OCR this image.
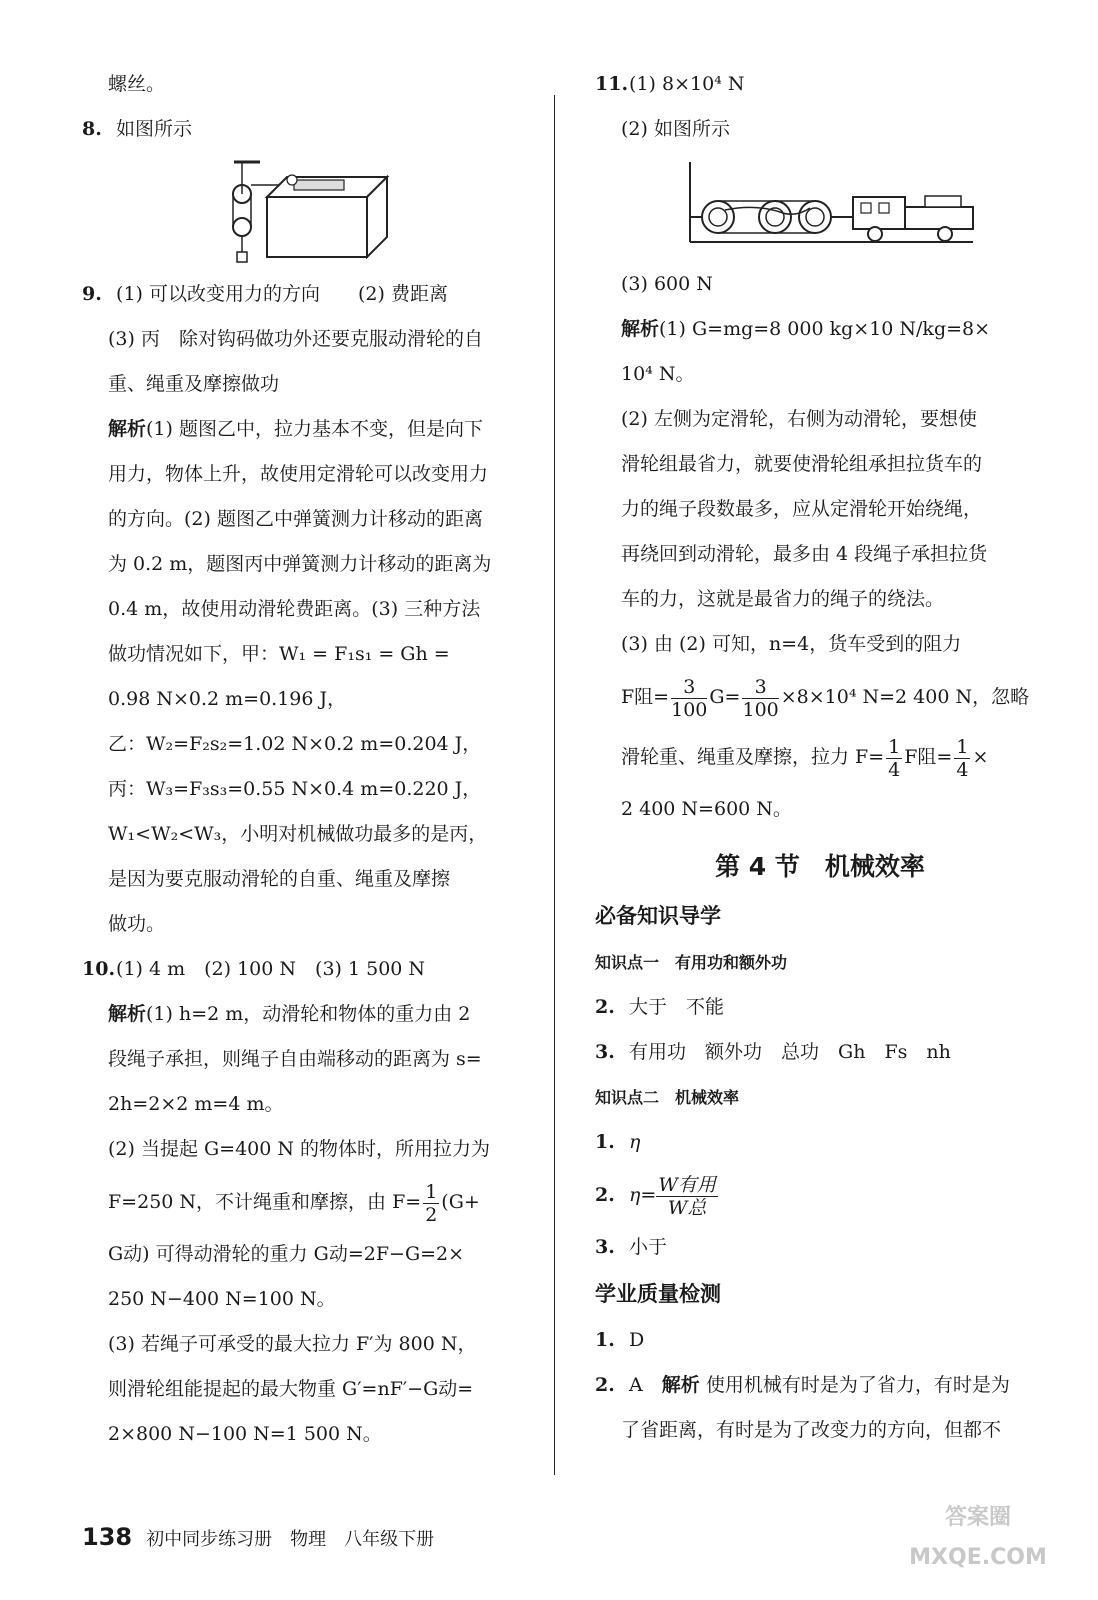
螺丝。
8. 如图所示
9. (1) 可以改变用力的方向　　(2) 费距离
(3) 丙　除对钩码做功外还要克服动滑轮的自
重、绳重及摩擦做功
解析(1) 题图乙中，拉力基本不变，但是向下
用力，物体上升，故使用定滑轮可以改变用力
的方向。(2) 题图乙中弹簧测力计移动的距离
为 0.2 m，题图丙中弹簧测力计移动的距离为
0.4 m，故使用动滑轮费距离。(3) 三种方法
做功情况如下，甲：W₁ = F₁s₁ = Gh =
0.98 N×0.2 m=0.196 J，
乙：W₂=F₂s₂=1.02 N×0.2 m=0.204 J，
丙：W₃=F₃s₃=0.55 N×0.4 m=0.220 J，
W₁<W₂<W₃，小明对机械做功最多的是丙，
是因为要克服动滑轮的自重、绳重及摩擦
做功。
10. (1) 4 m　(2) 100 N　(3) 1 500 N
解析(1) h=2 m，动滑轮和物体的重力由 2
段绳子承担，则绳子自由端移动的距离为 s=
2h=2×2 m=4 m。
(2) 当提起 G=400 N 的物体时，所用拉力为
F=250 N，不计绳重和摩擦，由 $F= \frac{1}{2} (G+$
G动) 可得动滑轮的重力 G动=2F−G=2×
250 N−400 N=100 N。
(3) 若绳子可承受的最大拉力 F′为 800 N，
则滑轮组能提起的最大物重 G′=nF′−G动=
2×800 N−100 N=1 500 N。
11. (1) 8×10⁴ N
(2) 如图所示
(3) 600 N
解析(1) G=mg=8 000 kg×10 N/kg=8×
10⁴ N。
(2) 左侧为定滑轮，右侧为动滑轮，要想使
滑轮组最省力，就要使滑轮组承担拉货车的
力的绳子段数最多，应从定滑轮开始绕绳，
再绕回到动滑轮，最多由 4 段绳子承担拉货
车的力，这就是最省力的绳子的绕法。
(3) 由 (2) 可知，n=4，货车受到的阻力
F阻= $\frac{3}{100} G= \frac{3}{100} \times 8\times 10^4$ N=2 400 N，忽略
滑轮重、绳重及摩擦，拉力 $F= \frac{1}{4}$ F阻= $\frac{1}{4}$ ×
2 400 N=600 N。
第 4 节　机械效率
必备知识导学
知识点一　有用功和额外功
2. 大于　不能
3. 有用功　额外功　总功　Gh　Fs　nh
知识点二　机械效率
1. η
2. η= W有用
W总
3. 小于
学业质量检测
1. D
2. A　 解析 使用机械有时是为了省力，有时是为
了省距离，有时是为了改变力的方向，但都不
138 初中同步练习册　物理　八年级下册
答案圈 MXQE.COM
